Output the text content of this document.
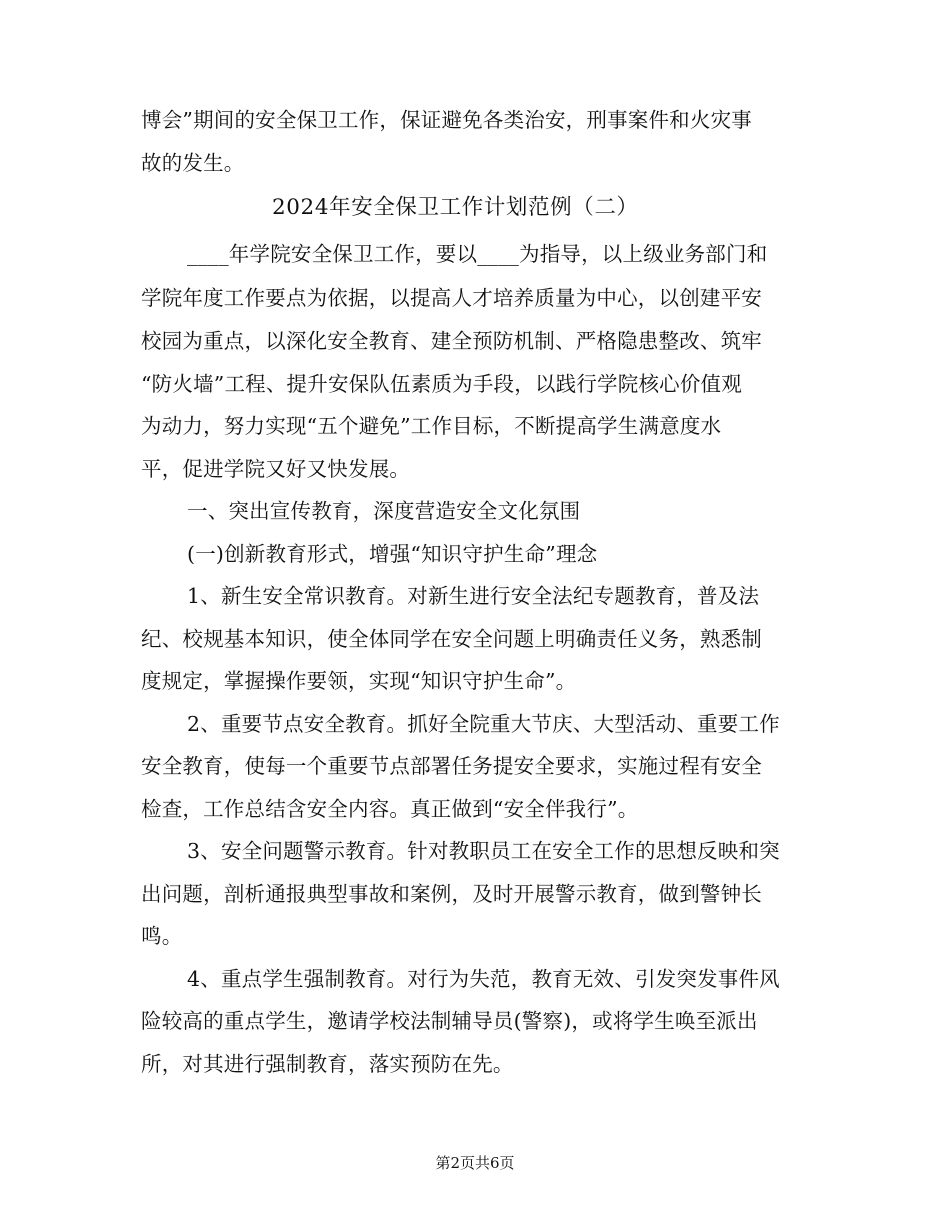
博会”期间的安全保卫工作，保证避免各类治安，刑事案件和火灾事
故的发生。
2024年安全保卫工作计划范例（二）
____年学院安全保卫工作，要以____为指导，以上级业务部门和
学院年度工作要点为依据，以提高人才培养质量为中心，以创建平安
校园为重点，以深化安全教育、建全预防机制、严格隐患整改、筑牢
“防火墙”工程、提升安保队伍素质为手段，以践行学院核心价值观
为动力，努力实现“五个避免”工作目标，不断提高学生满意度水
平，促进学院又好又快发展。
一、突出宣传教育，深度营造安全文化氛围
(一)创新教育形式，增强“知识守护生命”理念
1、新生安全常识教育。对新生进行安全法纪专题教育，普及法
纪、校规基本知识，使全体同学在安全问题上明确责任义务，熟悉制
度规定，掌握操作要领，实现“知识守护生命”。
2、重要节点安全教育。抓好全院重大节庆、大型活动、重要工作
安全教育，使每一个重要节点部署任务提安全要求，实施过程有安全
检查，工作总结含安全内容。真正做到“安全伴我行”。
3、安全问题警示教育。针对教职员工在安全工作的思想反映和突
出问题，剖析通报典型事故和案例，及时开展警示教育，做到警钟长
鸣。
4、重点学生强制教育。对行为失范，教育无效、引发突发事件风
险较高的重点学生，邀请学校法制辅导员(警察)，或将学生唤至派出
所，对其进行强制教育，落实预防在先。
第2页共6页
